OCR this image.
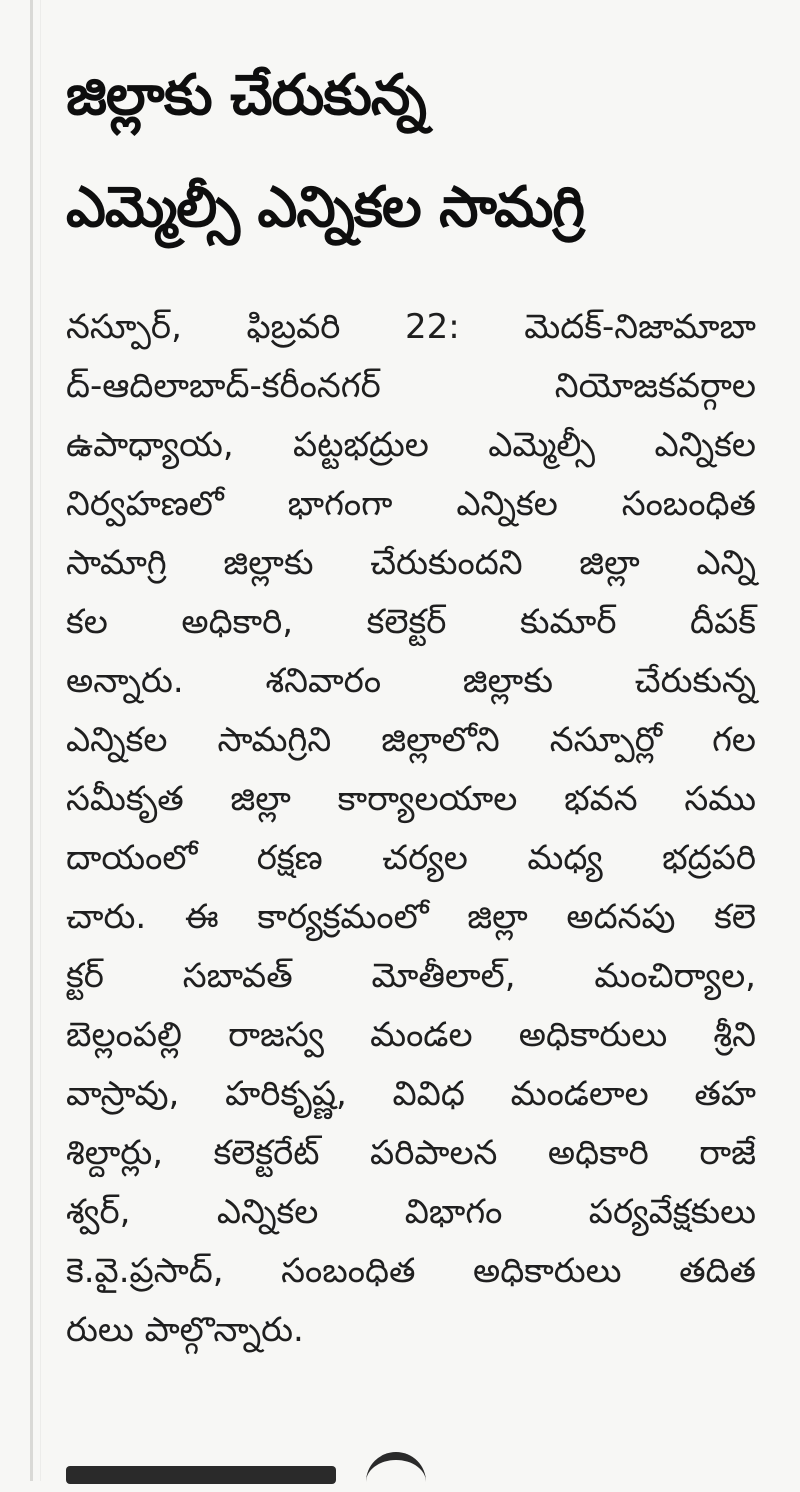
జిల్లాకు చేరుకున్న
ఎమ్మెల్సీ ఎన్నికల సామగ్రి
నస్పూర్, ఫిబ్రవరి 22: మెదక్-నిజామాబా
ద్-ఆదిలాబాద్-కరీంనగర్ నియోజకవర్గాల
ఉపాధ్యాయ, పట్టభద్రుల ఎమ్మెల్సీ ఎన్నికల
నిర్వహణలో భాగంగా ఎన్నికల సంబంధిత
సామాగ్రి జిల్లాకు చేరుకుందని జిల్లా ఎన్ని
కల అధికారి, కలెక్టర్ కుమార్ దీపక్
అన్నారు. శనివారం జిల్లాకు చేరుకున్న
ఎన్నికల సామగ్రిని జిల్లాలోని నస్పూర్లో గల
సమీకృత జిల్లా కార్యాలయాల భవన సము
దాయంలో రక్షణ చర్యల మధ్య భద్రపరి
చారు. ఈ కార్యక్రమంలో జిల్లా అదనపు కలె
క్టర్ సబావత్ మోతీలాల్, మంచిర్యాల,
బెల్లంపల్లి రాజస్వ మండల అధికారులు శ్రీని
వాస్రావు, హరికృష్ణ, వివిధ మండలాల తహ
శిల్దార్లు, కలెక్టరేట్ పరిపాలన అధికారి రాజే
శ్వర్, ఎన్నికల విభాగం పర్యవేక్షకులు
కె.వై.ప్రసాద్, సంబంధిత అధికారులు తదిత
రులు పాల్గొన్నారు.
